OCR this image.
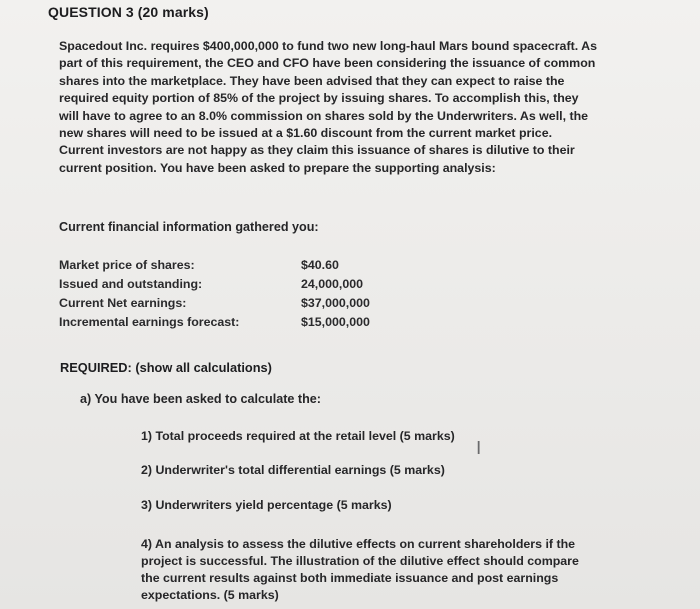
QUESTION 3 (20 marks)
Spacedout Inc. requires $400,000,000 to fund two new long-haul Mars bound spacecraft. As part of this requirement, the CEO and CFO have been considering the issuance of common shares into the marketplace. They have been advised that they can expect to raise the required equity portion of 85% of the project by issuing shares. To accomplish this, they will have to agree to an 8.0% commission on shares sold by the Underwriters. As well, the new shares will need to be issued at a $1.60 discount from the current market price. Current investors are not happy as they claim this issuance of shares is dilutive to their current position. You have been asked to prepare the supporting analysis:
Current financial information gathered you:
Market price of shares:
Issued and outstanding:
Current Net earnings:
Incremental earnings forecast:
$40.60
24,000,000
$37,000,000
$15,000,000
REQUIRED: (show all calculations)
a) You have been asked to calculate the:
1) Total proceeds required at the retail level (5 marks)
2) Underwriter's total differential earnings (5 marks)
3) Underwriters yield percentage (5 marks)
4) An analysis to assess the dilutive effects on current shareholders if the project is successful. The illustration of the dilutive effect should compare the current results against both immediate issuance and post earnings expectations. (5 marks)
I
